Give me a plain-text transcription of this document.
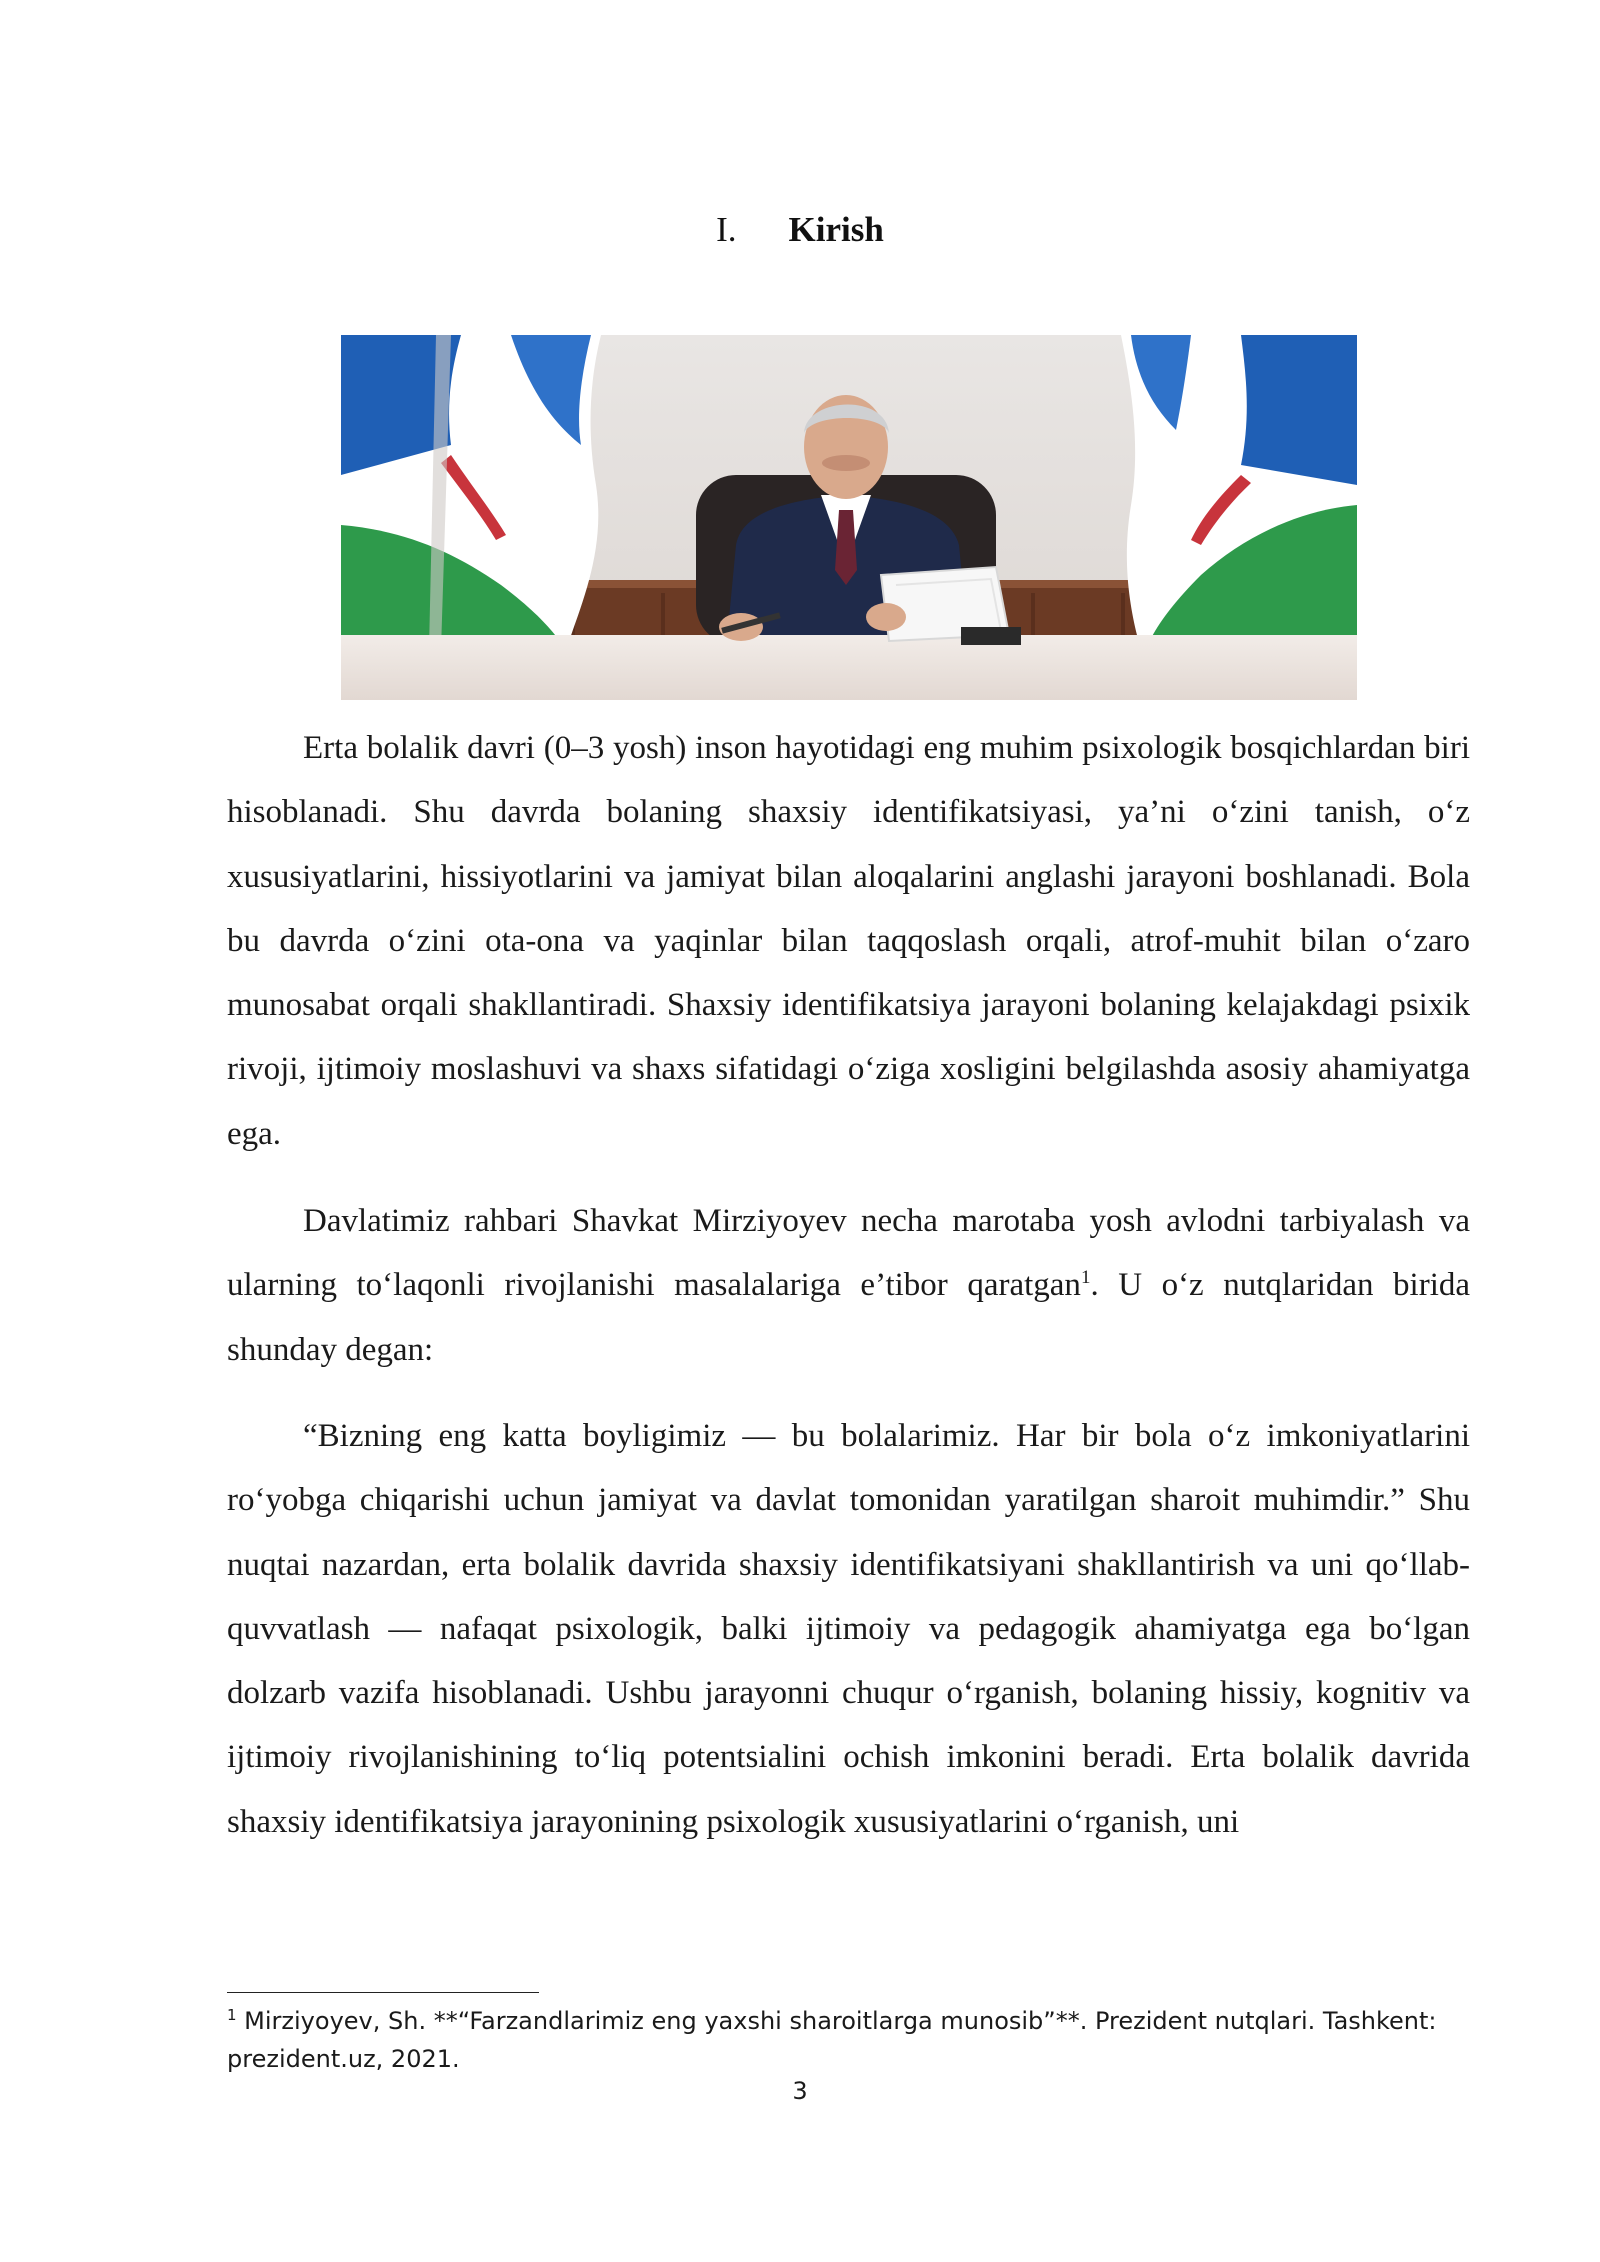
I. Kirish

Erta bolalik davri (0–3 yosh) inson hayotidagi eng muhim psixologik bosqichlardan biri hisoblanadi. Shu davrda bolaning shaxsiy identifikatsiyasi, ya’ni o‘zini tanish, o‘z xususiyatlarini, hissiyotlarini va jamiyat bilan aloqalarini anglashi jarayoni boshlanadi. Bola bu davrda o‘zini ota-ona va yaqinlar bilan taqqoslash orqali, atrof-muhit bilan o‘zaro munosabat orqali shakllantiradi. Shaxsiy identifikatsiya jarayoni bolaning kelajakdagi psixik rivoji, ijtimoiy moslashuvi va shaxs sifatidagi o‘ziga xosligini belgilashda asosiy ahamiyatga ega.

Davlatimiz rahbari Shavkat Mirziyoyev necha marotaba yosh avlodni tarbiyalash va ularning to‘laqonli rivojlanishi masalalariga e’tibor qaratgan$^1$. U o‘z nutqlaridan birida shunday degan:

“Bizning eng katta boyligimiz — bu bolalarimiz. Har bir bola o‘z imkoniyatlarini ro‘yobga chiqarishi uchun jamiyat va davlat tomonidan yaratilgan sharoit muhimdir.” Shu nuqtai nazardan, erta bolalik davrida shaxsiy identifikatsiyani shakllantirish va uni qo‘llab-quvvatlash — nafaqat psixologik, balki ijtimoiy va pedagogik ahamiyatga ega bo‘lgan dolzarb vazifa hisoblanadi. Ushbu jarayonni chuqur o‘rganish, bolaning hissiy, kognitiv va ijtimoiy rivojlanishining to‘liq potentsialini ochish imkonini beradi. Erta bolalik davrida shaxsiy identifikatsiya jarayonining psixologik xususiyatlarini o‘rganish, uni

$^1$ Mirziyoyev, Sh. **“Farzandlarimiz eng yaxshi sharoitlarga munosib”**. Prezident nutqlari. Tashkent: prezident.uz, 2021.
3
